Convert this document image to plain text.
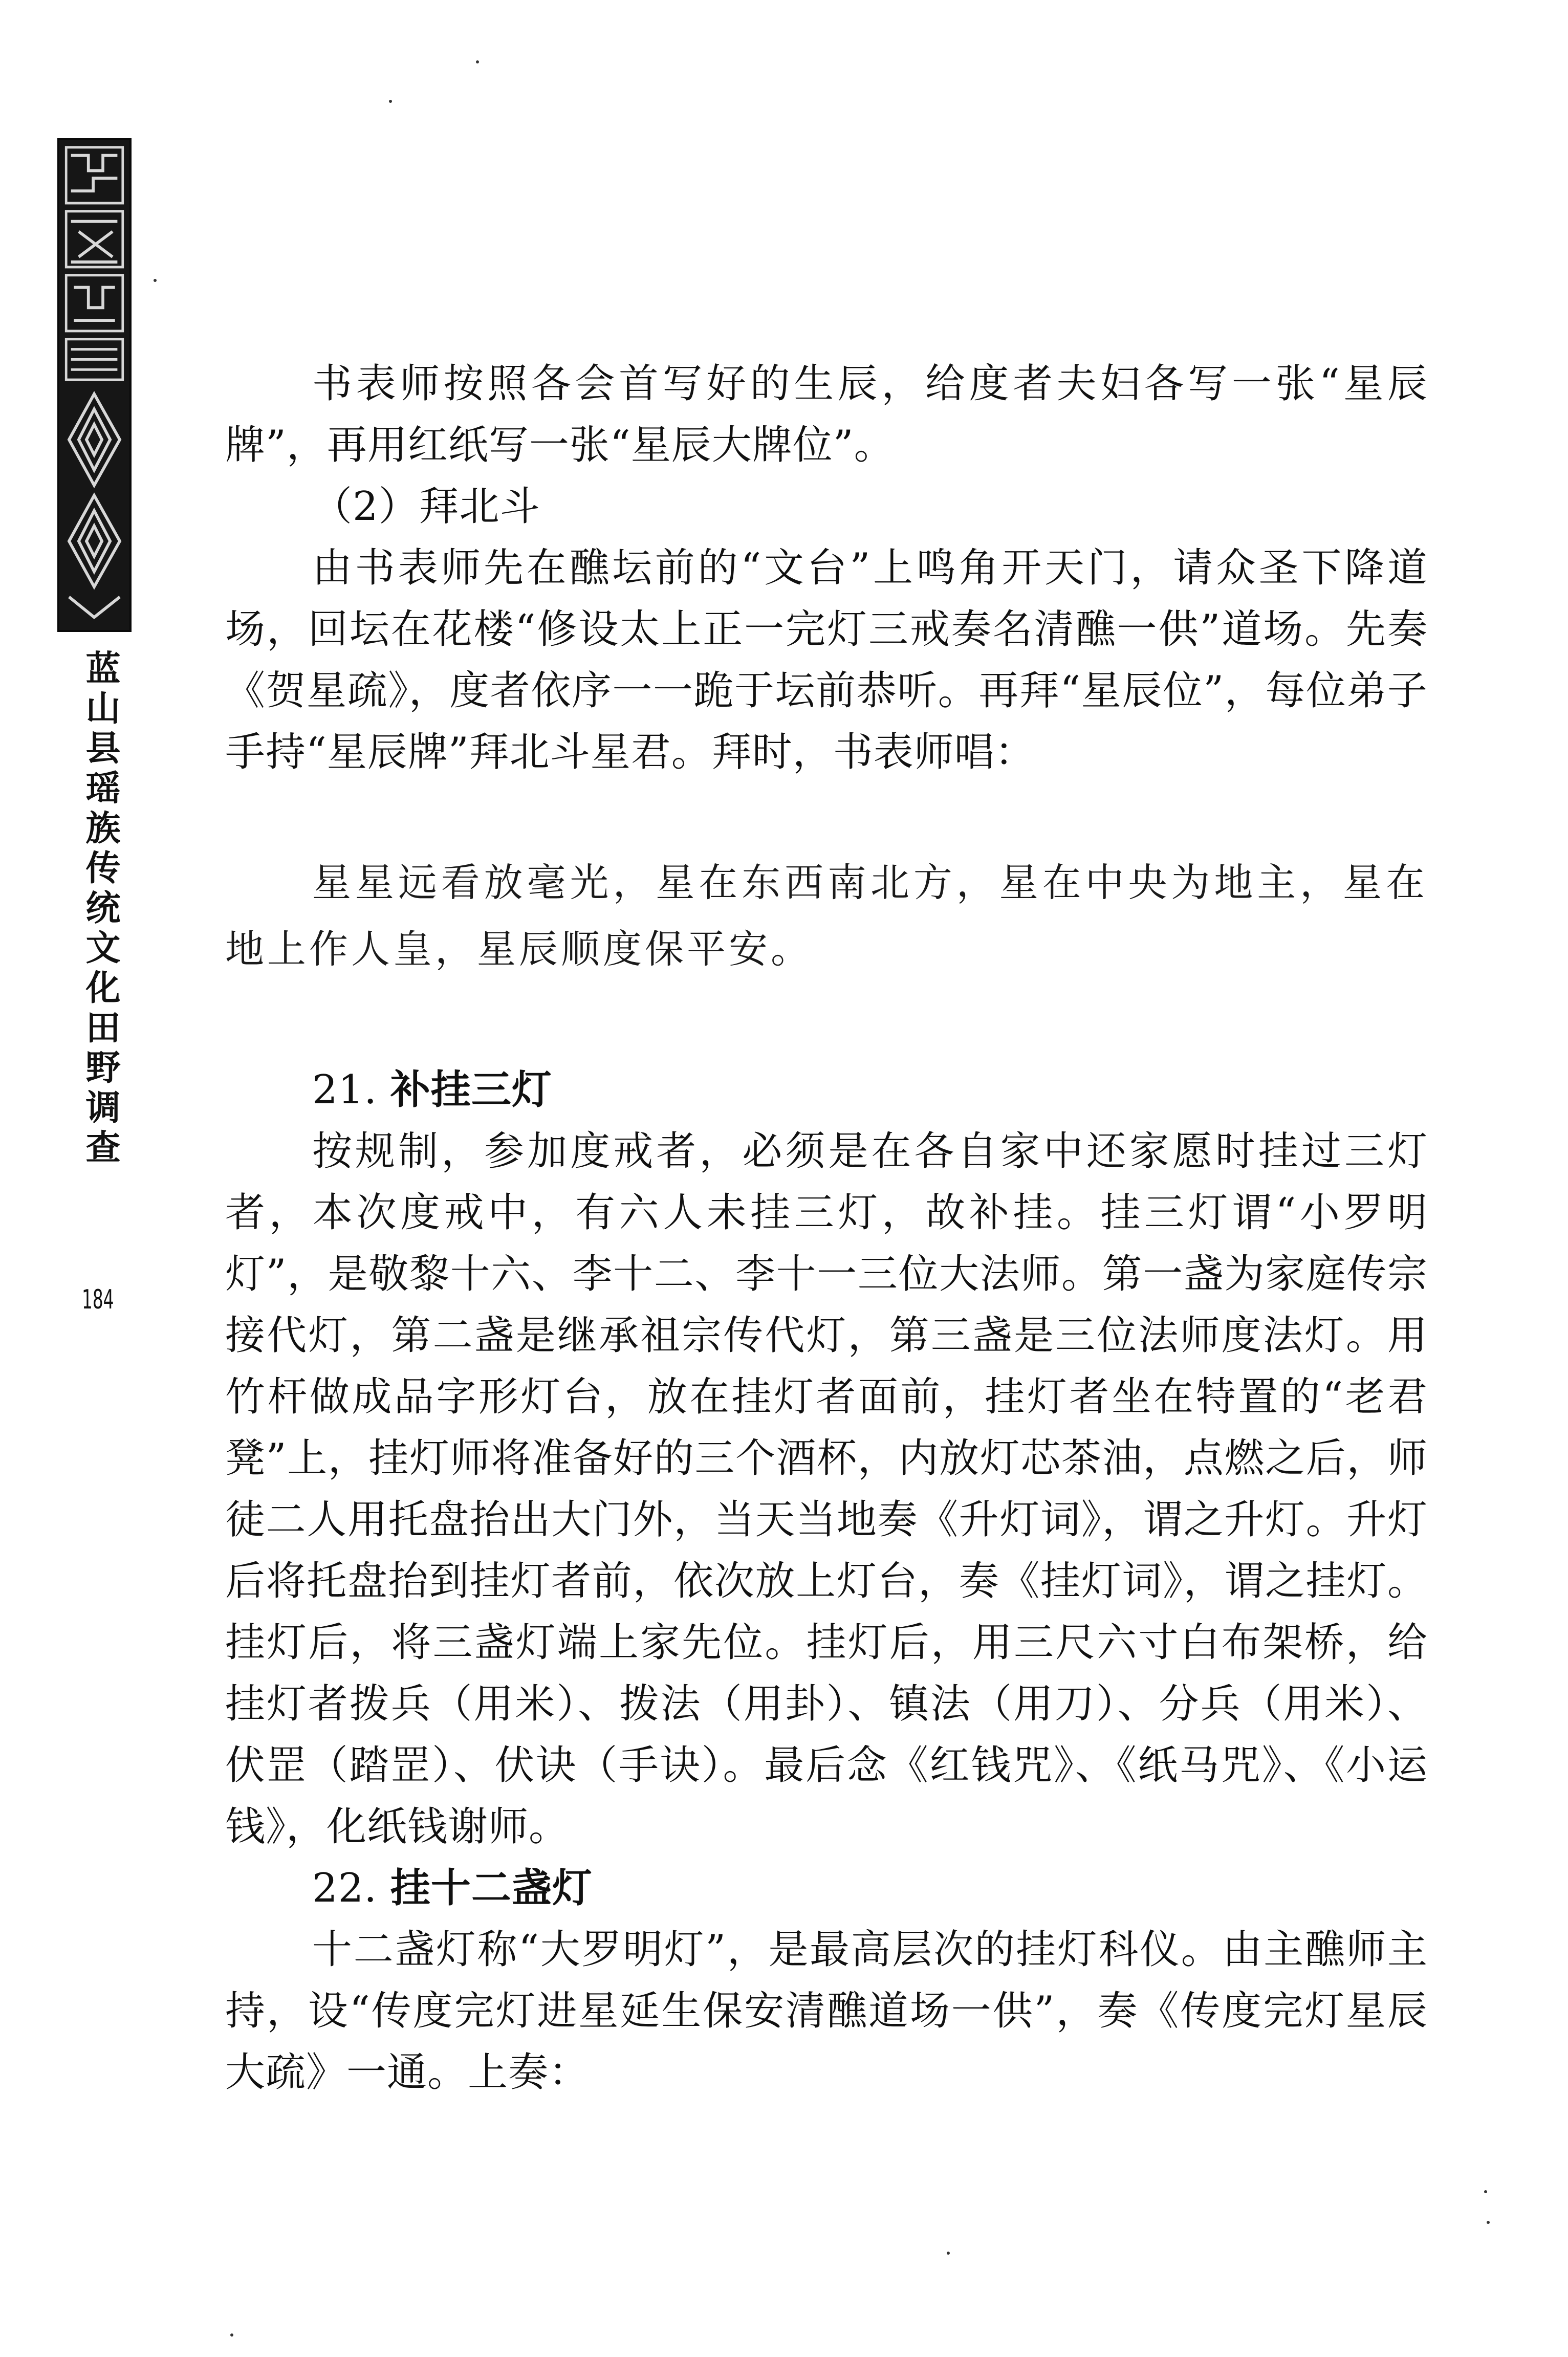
蓝山县瑶族传统文化田野调查
184

书表师按照各会首写好的生辰，给度者夫妇各写一张“星辰牌”，再用红纸写一张“星辰大牌位”。

（2）拜北斗

由书表师先在醮坛前的“文台”上鸣角开天门，请众圣下降道场，回坛在花楼“修设太上正一完灯三戒奏名清醮一供”道场。先奏《贺星疏》，度者依序一一跪于坛前恭听。再拜“星辰位”，每位弟子手持“星辰牌”拜北斗星君。拜时，书表师唱：

星星远看放毫光，星在东西南北方，星在中央为地主，星在地上作人皇，星辰顺度保平安。

21. 补挂三灯

按规制，参加度戒者，必须是在各自家中还家愿时挂过三灯者，本次度戒中，有六人未挂三灯，故补挂。挂三灯谓“小罗明灯”，是敬黎十六、李十二、李十一三位大法师。第一盏为家庭传宗接代灯，第二盏是继承祖宗传代灯，第三盏是三位法师度法灯。用竹杆做成品字形灯台，放在挂灯者面前，挂灯者坐在特置的“老君凳”上，挂灯师将准备好的三个酒杯，内放灯芯茶油，点燃之后，师徒二人用托盘抬出大门外，当天当地奏《升灯词》，谓之升灯。升灯后将托盘抬到挂灯者前，依次放上灯台，奏《挂灯词》，谓之挂灯。挂灯后，将三盏灯端上家先位。挂灯后，用三尺六寸白布架桥，给挂灯者拨兵（用米）、拨法（用卦）、镇法（用刀）、分兵（用米）、伏罡（踏罡）、伏诀（手诀）。最后念《红钱咒》、《纸马咒》、《小运钱》，化纸钱谢师。

22. 挂十二盏灯

十二盏灯称“大罗明灯”，是最高层次的挂灯科仪。由主醮师主持，设“传度完灯进星延生保安清醮道场一供”，奏《传度完灯星辰大疏》一通。上奏：
